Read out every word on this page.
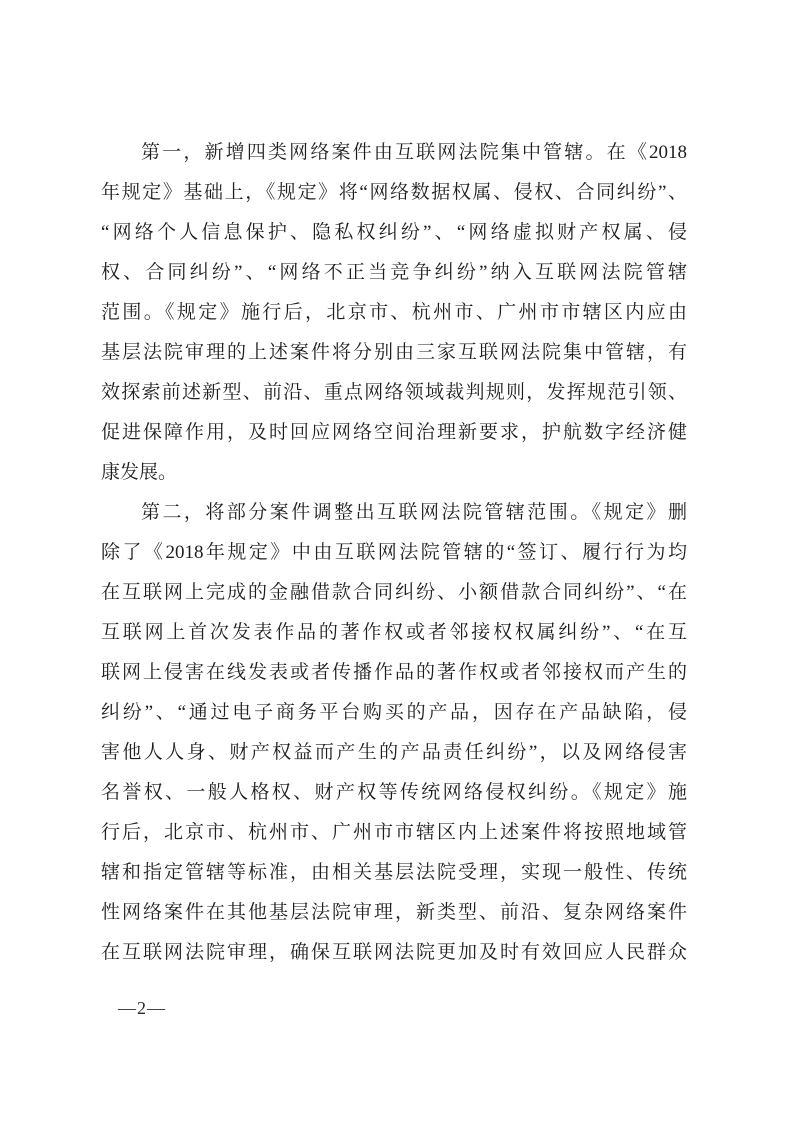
第一，新增四类网络案件由互联网法院集中管辖。在《2018
年规定》基础上，《规定》将“网络数据权属、侵权、合同纠纷”、
“网络个人信息保护、隐私权纠纷”、“网络虚拟财产权属、侵
权、合同纠纷”、“网络不正当竞争纠纷”纳入互联网法院管辖
范围。《规定》施行后，北京市、杭州市、广州市市辖区内应由
基层法院审理的上述案件将分别由三家互联网法院集中管辖，有
效探索前述新型、前沿、重点网络领域裁判规则，发挥规范引领、
促进保障作用，及时回应网络空间治理新要求，护航数字经济健
康发展。
第二，将部分案件调整出互联网法院管辖范围。《规定》删
除了《2018年规定》中由互联网法院管辖的“签订、履行行为均
在互联网上完成的金融借款合同纠纷、小额借款合同纠纷”、“在
互联网上首次发表作品的著作权或者邻接权权属纠纷”、“在互
联网上侵害在线发表或者传播作品的著作权或者邻接权而产生的
纠纷”、“通过电子商务平台购买的产品，因存在产品缺陷，侵
害他人人身、财产权益而产生的产品责任纠纷”，以及网络侵害
名誉权、一般人格权、财产权等传统网络侵权纠纷。《规定》施
行后，北京市、杭州市、广州市市辖区内上述案件将按照地域管
辖和指定管辖等标准，由相关基层法院受理，实现一般性、传统
性网络案件在其他基层法院审理，新类型、前沿、复杂网络案件
在互联网法院审理，确保互联网法院更加及时有效回应人民群众
—2—
